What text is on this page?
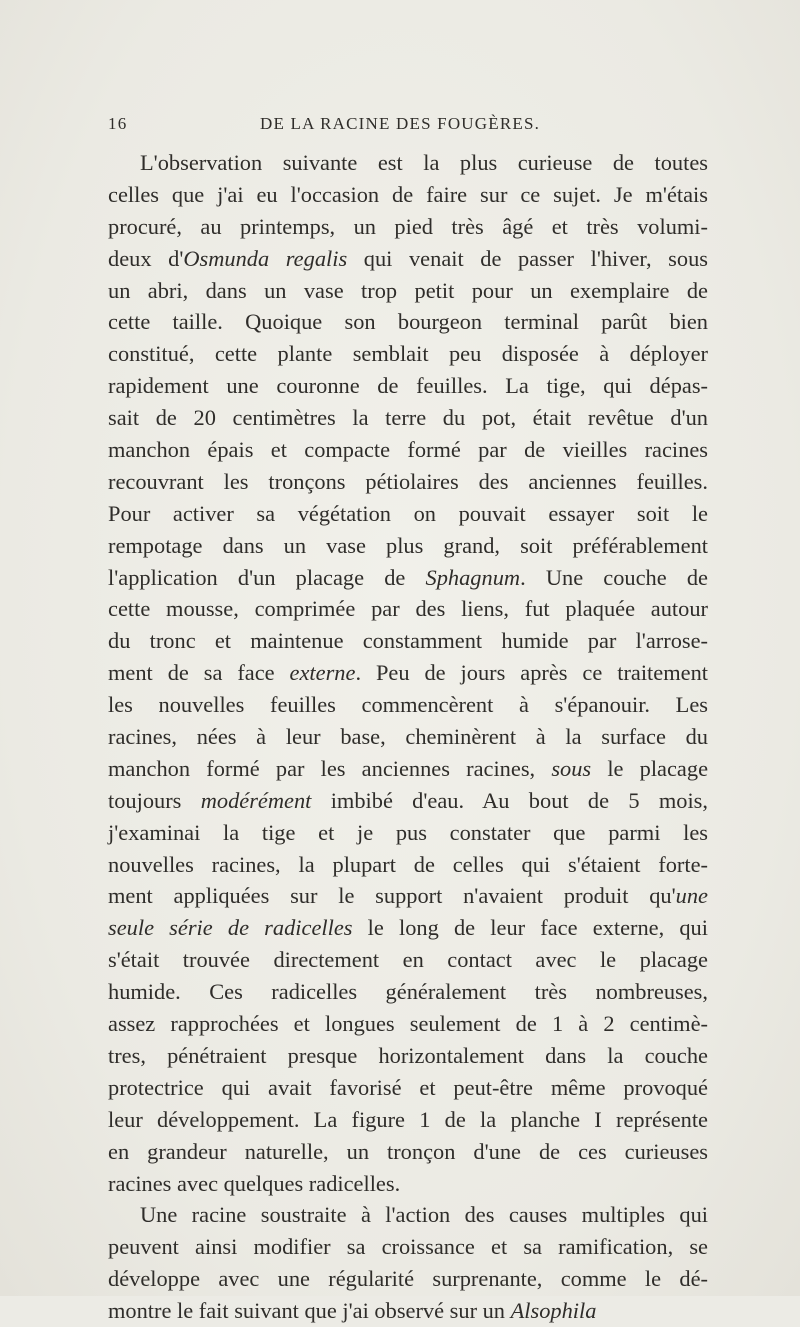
16	DE LA RACINE DES FOUGÈRES.
L'observation suivante est la plus curieuse de toutes
celles que j'ai eu l'occasion de faire sur ce sujet. Je m'étais
procuré, au printemps, un pied très âgé et très volumi-
deux d'Osmunda regalis qui venait de passer l'hiver, sous
un abri, dans un vase trop petit pour un exemplaire de
cette taille. Quoique son bourgeon terminal parût bien
constitué, cette plante semblait peu disposée à déployer
rapidement une couronne de feuilles. La tige, qui dépas-
sait de 20 centimètres la terre du pot, était revêtue d'un
manchon épais et compacte formé par de vieilles racines
recouvrant les tronçons pétiolaires des anciennes feuilles.
Pour activer sa végétation on pouvait essayer soit le
rempotage dans un vase plus grand, soit préférablement
l'application d'un placage de Sphagnum. Une couche de
cette mousse, comprimée par des liens, fut plaquée autour
du tronc et maintenue constamment humide par l'arrose-
ment de sa face externe. Peu de jours après ce traitement
les nouvelles feuilles commencèrent à s'épanouir. Les
racines, nées à leur base, cheminèrent à la surface du
manchon formé par les anciennes racines, sous le placage
toujours modérément imbibé d'eau. Au bout de 5 mois,
j'examinai la tige et je pus constater que parmi les
nouvelles racines, la plupart de celles qui s'étaient forte-
ment appliquées sur le support n'avaient produit qu'une
seule série de radicelles le long de leur face externe, qui
s'était trouvée directement en contact avec le placage
humide. Ces radicelles généralement très nombreuses,
assez rapprochées et longues seulement de 1 à 2 centimè-
tres, pénétraient presque horizontalement dans la couche
protectrice qui avait favorisé et peut-être même provoqué
leur développement. La figure 1 de la planche I représente
en grandeur naturelle, un tronçon d'une de ces curieuses
racines avec quelques radicelles.
Une racine soustraite à l'action des causes multiples qui
peuvent ainsi modifier sa croissance et sa ramification, se
développe avec une régularité surprenante, comme le dé-
montre le fait suivant que j'ai observé sur un Alsophila
